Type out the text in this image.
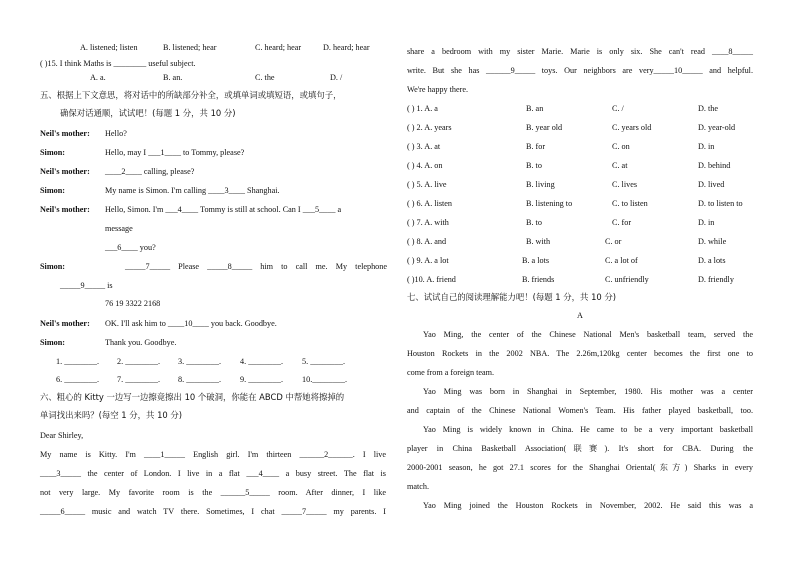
A. listened; listen	B. listened; hear	C. heard; hear	D. heard; hear
( )15. I think Maths is ________ useful subject.
A. a.	B. an.	C. the	D. /
五、根据上下文意思，将对话中的所缺部分补全，或填单词或填短语，或填句子，
确保对话通顺，试试吧！(每题 1 分，共 10 分)
Neil's mother: Hello?
Simon:	Hello, may I ___1____ to Tommy, please?
Neil's mother: ____2____ calling, please?
Simon:	My name is Simon. I'm calling ____3____ Shanghai.
Neil's mother: Hello, Simon. I'm ___4____ Tommy is still at school. Can I ___5____ a
message
___6____ you?
Simon:	_____7_____ Please _____8_____ him to call me. My telephone
_____9_____ is
76 19 3322 2168
Neil's mother: OK. I'll ask him to ____10____ you back. Goodbye.
Simon:	Thank you. Goodbye.
1. ________. 2. ________. 3. ________. 4. ________. 5. ________.
6. ________. 7. ________. 8. ________. 9. ________. 10.________.
六、粗心的 Kitty 一边写一边擦竟擦出 10 个破洞，你能在 ABCD 中帮她将擦掉的
单词找出来吗？(每空 1 分，共 10 分)
Dear Shirley,
My name is Kitty. I'm ____1_____ English girl. I'm thirteen ______2______. I live
____3_____ the center of London. I live in a flat ___4____ a busy street. The flat is
not very large. My favorite room is the ______5_____ room. After dinner, I like
_____6_____ music and watch TV there. Sometimes, I chat _____7_____ my parents. I
share a bedroom with my sister Marie. Marie is only six. She can't read ____8_____
write. But she has ______9_____ toys. Our neighbors are very_____10_____ and helpful.
We're happy there.
( ) 1. A. a	B. an	C. /	D. the
( ) 2. A. years	B. year old	C. years old	D. year-old
( ) 3. A. at	B. for	C. on	D. in
( ) 4. A. on	B. to	C. at	D. behind
( ) 5. A. live	B. living	C. lives	D. lived
( ) 6. A. listen	B. listening to	C. to listen	D. to listen to
( ) 7. A. with	B. to	C. for	D. in
( ) 8. A. and	B. with	C. or	D. while
( ) 9. A. a lot	B. a lots	C. a lot of	D. a lots
( )10. A. friend	B. friends	C. unfriendly	D. friendly
七、试试自己的阅读理解能力吧！(每题 1 分，共 10 分)
A
Yao Ming, the center of the Chinese National Men's basketball team, served the
Houston Rockets in the 2002 NBA. The 2.26m,120kg center becomes the first one to
come from a foreign team.
Yao Ming was born in Shanghai in September, 1980. His mother was a center
and captain of the Chinese National Women's Team. His father played basketball, too.
Yao Ming is widely known in China. He came to be a very important basketball
player in China Basketball Association(联赛). It's short for CBA. During the
2000-2001 season, he got 27.1 scores for the Shanghai Oriental(东方) Sharks in every
match.
Yao Ming joined the Houston Rockets in November, 2002. He said this was a
